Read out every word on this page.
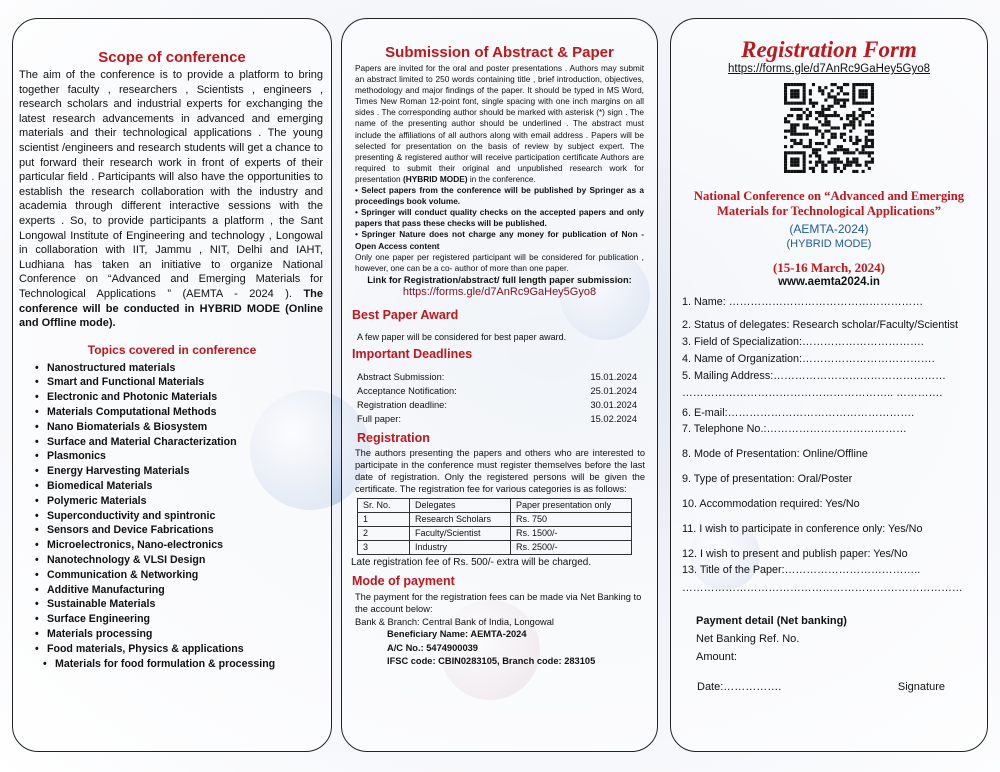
Scope of conference

The aim of the conference is to provide a platform to bring together faculty , researchers , Scientists , engineers , research scholars and industrial experts for exchanging the latest research advancements in advanced and emerging materials and their technological applications . The young scientist /engineers and research students will get a chance to put forward their research work in front of experts of their particular field . Participants will also have the opportunities to establish the research collaboration with the industry and academia through different interactive sessions with the experts . So, to provide participants a platform , the Sant Longowal Institute of Engineering and technology , Longowal in collaboration with IIT, Jammu , NIT, Delhi and IAHT, Ludhiana has taken an initiative to organize National Conference on “Advanced and Emerging Materials for Technological Applications ” (AEMTA - 2024 ). The conference will be conducted in HYBRID MODE (Online and Offline mode).

Topics covered in conference
• Nanostructured materials
• Smart and Functional Materials
• Electronic and Photonic Materials
• Materials Computational Methods
• Nano Biomaterials & Biosystem
• Surface and Material Characterization
• Plasmonics
• Energy Harvesting Materials
• Biomedical Materials
• Polymeric Materials
• Superconductivity and spintronic
• Sensors and Device Fabrications
• Microelectronics, Nano-electronics
• Nanotechnology & VLSI Design
• Communication & Networking
• Additive Manufacturing
• Sustainable Materials
• Surface Engineering
• Materials processing
• Food materials, Physics & applications
• Materials for food formulation & processing
Submission of Abstract & Paper
Papers are invited for the oral and poster presentations . Authors may submit an abstract limited to 250 words containing title , brief introduction, objectives, methodology and major findings of the paper. It should be typed in MS Word, Times New Roman 12-point font, single spacing with one inch margins on all sides . The corresponding author should be marked with asterisk (*) sign . The name of the presenting author should be underlined . The abstract must include the affiliations of all authors along with email address . Papers will be selected for presentation on the basis of review by subject expert. The presenting & registered author will receive participation certificate Authors are required to submit their original and unpublished research work for presentation (HYBRID MODE) in the conference.
• Select papers from the conference will be published by Springer as a proceedings book volume.
• Springer will conduct quality checks on the accepted papers and only papers that pass these checks will be published.
• Springer Nature does not charge any money for publication of Non -Open Access content
Only one paper per registered participant will be considered for publication , however, one can be a co- author of more than one paper.
Link for Registration/abstract/ full length paper submission:
https://forms.gle/d7AnRc9GaHey5Gyo8
Best Paper Award
A few paper will be considered for best paper award.
Important Deadlines
Abstract Submission:	15.01.2024
Acceptance Notification:	25.01.2024
Registration deadline:	30.01.2024
Full paper:	15.02.2024
Registration
The authors presenting the papers and others who are interested to participate in the conference must register themselves before the last date of registration. Only the registered persons will be given the certificate. The registration fee for various categories is as follows:
Sr. No.	Delegates	Paper presentation only
1	Research Scholars	Rs. 750
2	Faculty/Scientist	Rs. 1500/-
3	Industry	Rs. 2500/-
Late registration fee of Rs. 500/- extra will be charged.
Mode of payment
The payment for the registration fees can be made via Net Banking to the account below:
Bank & Branch: Central Bank of India, Longowal
Beneficiary Name: AEMTA-2024
A/C No.: 5474900039
IFSC code: CBIN0283105, Branch code: 283105
Registration Form
https://forms.gle/d7AnRc9GaHey5Gyo8
National Conference on “Advanced and Emerging Materials for Technological Applications”
(AEMTA-2024)
(HYBRID MODE)
(15-16 March, 2024)
www.aemta2024.in
1. Name: ………………………………………………
2. Status of delegates: Research scholar/Faculty/Scientist
3. Field of Specialization:…………………………….
4. Name of Organization:……………………………….
5. Mailing Address:…………………………………………
………………………………………………….. ………….
6. E-mail:…………………………………………….
7. Telephone No.:…………………………………
8. Mode of Presentation: Online/Offline
9. Type of presentation: Oral/Poster
10. Accommodation required: Yes/No
11. I wish to participate in conference only: Yes/No
12. I wish to present and publish paper: Yes/No
13. Title of the Paper:………………………………..
……………………………………………………………………
Payment detail (Net banking)
Net Banking Ref. No.
Amount:
Date:…………….	Signature
